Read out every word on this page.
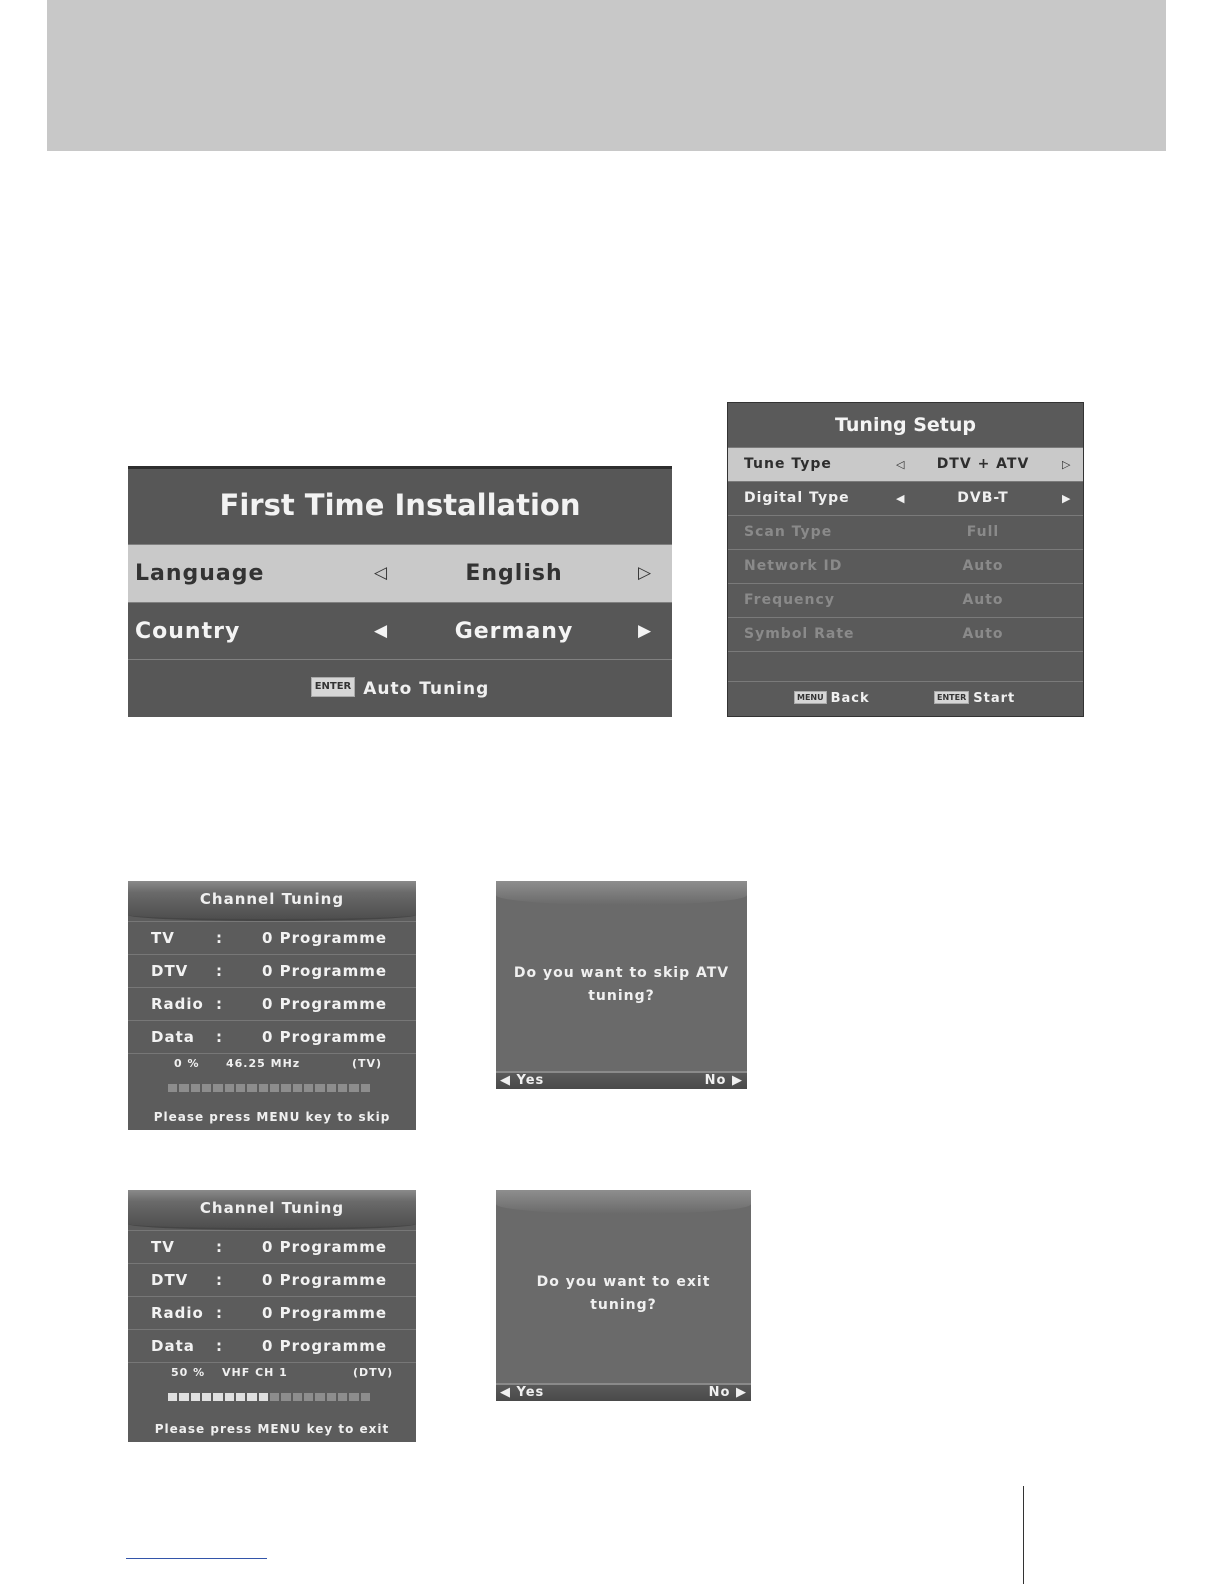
First Time Installation
Language	◁	English	▷
Country	◀	Germany	▶
ENTER Auto Tuning
Tuning Setup
Tune Type	◁	DTV + ATV	▷
Digital Type	◀	DVB-T	▶
Scan Type	Full
Network ID	Auto
Frequency	Auto
Symbol Rate	Auto
MENU Back	ENTER Start
Channel Tuning
TV	:	0 Programme
DTV :	0 Programme
Radio :	0 Programme
Data :	0 Programme
0 % 46.25 MHz	(TV)
Please press MENU key to skip
Do you want to skip ATV
tuning?
◀ Yes	No ▶
Channel Tuning
TV	:	0 Programme
DTV :	0 Programme
Radio :	0 Programme
Data :	0 Programme
50 % VHF CH 1	(DTV)
Please press MENU key to exit
Do you want to exit tuning?
◀ Yes	No ▶
